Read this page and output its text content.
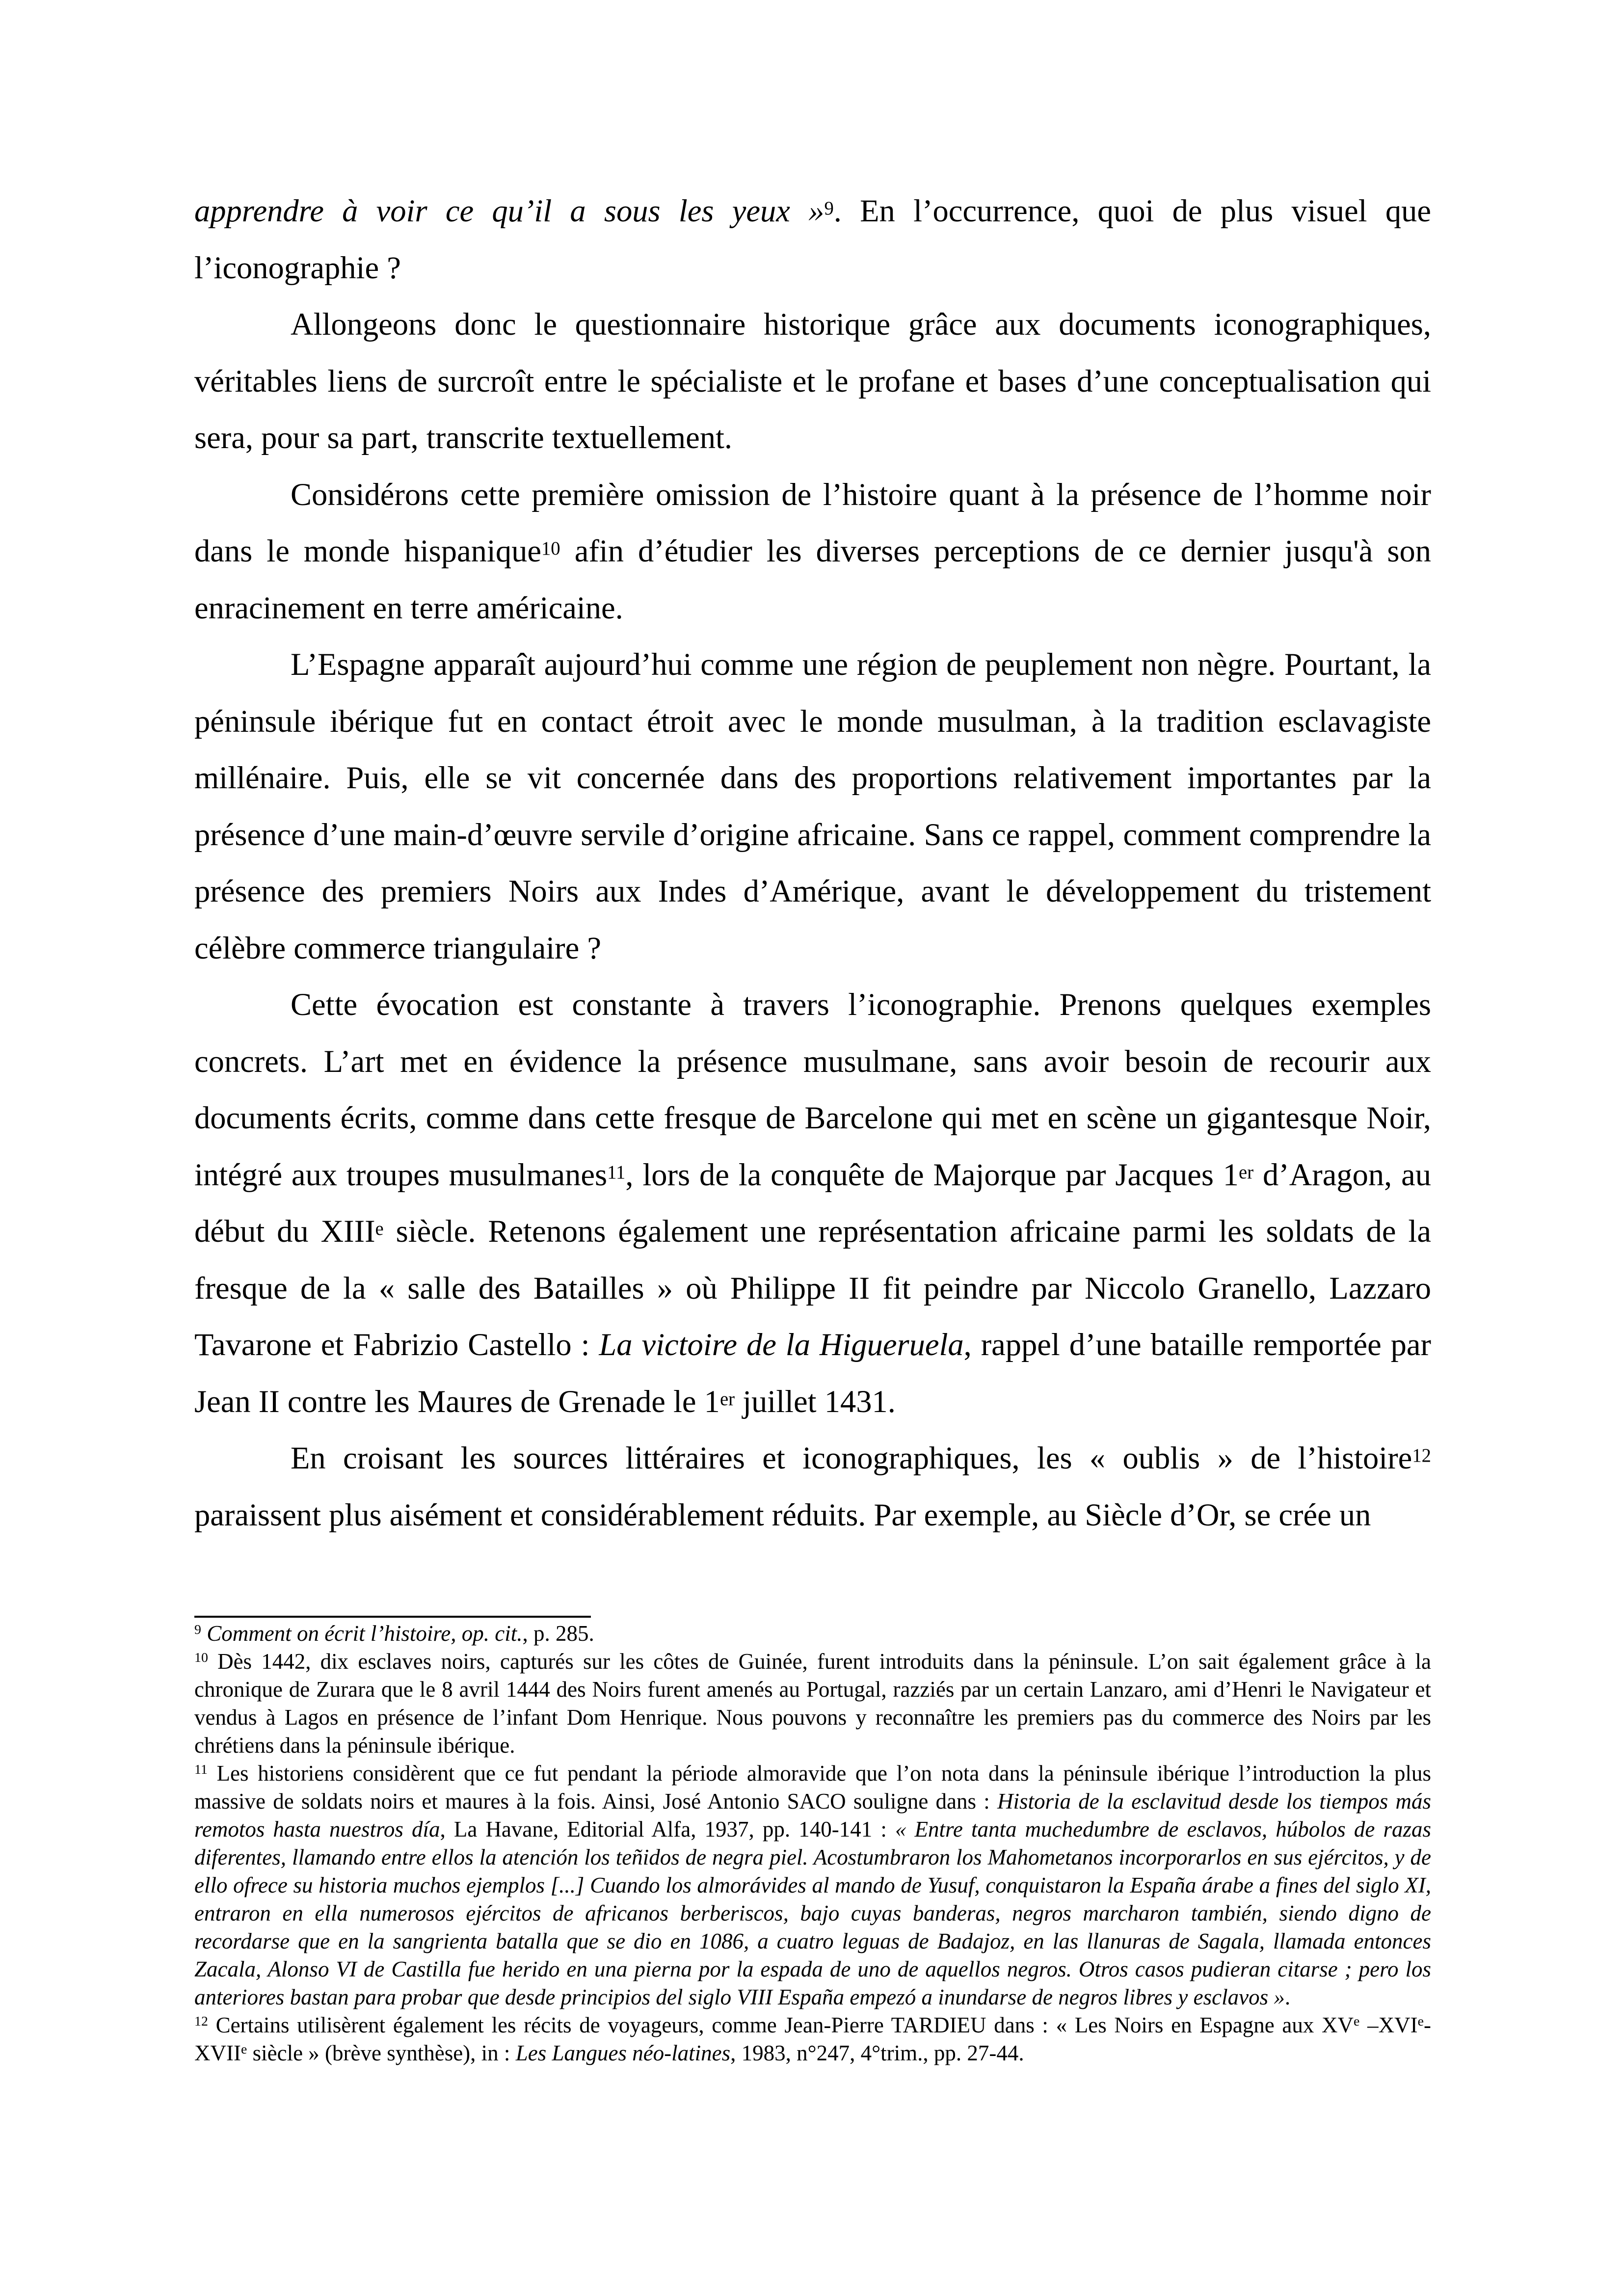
apprendre à voir ce qu’il a sous les yeux »$^9$. En l’occurrence, quoi de plus visuel que l’iconographie ?

Allongeons donc le questionnaire historique grâce aux documents iconographiques, véritables liens de surcroît entre le spécialiste et le profane et bases d’une conceptualisation qui sera, pour sa part, transcrite textuellement.

Considérons cette première omission de l’histoire quant à la présence de l’homme noir dans le monde hispanique$^{10}$ afin d’étudier les diverses perceptions de ce dernier jusqu'à son enracinement en terre américaine.

L’Espagne apparaît aujourd’hui comme une région de peuplement non nègre. Pourtant, la péninsule ibérique fut en contact étroit avec le monde musulman, à la tradition esclavagiste millénaire. Puis, elle se vit concernée dans des proportions relativement importantes par la présence d’une main-d’œuvre servile d’origine africaine. Sans ce rappel, comment comprendre la présence des premiers Noirs aux Indes d’Amérique, avant le développement du tristement célèbre commerce triangulaire ?

Cette évocation est constante à travers l’iconographie. Prenons quelques exemples concrets. L’art met en évidence la présence musulmane, sans avoir besoin de recourir aux documents écrits, comme dans cette fresque de Barcelone qui met en scène un gigantesque Noir, intégré aux troupes musulmanes$^{11}$, lors de la conquête de Majorque par Jacques 1er d’Aragon, au début du XIIIe siècle. Retenons également une représentation africaine parmi les soldats de la fresque de la « salle des Batailles » où Philippe II fit peindre par Niccolo Granello, Lazzaro Tavarone et Fabrizio Castello : La victoire de la Higueruela, rappel d’une bataille remportée par Jean II contre les Maures de Grenade le 1er juillet 1431.

En croisant les sources littéraires et iconographiques, les « oublis » de l’histoire$^{12}$ paraissent plus aisément et considérablement réduits. Par exemple, au Siècle d’Or, se crée un

$^9$ Comment on écrit l’histoire, op. cit., p. 285.

$^{10}$ Dès 1442, dix esclaves noirs, capturés sur les côtes de Guinée, furent introduits dans la péninsule. L’on sait également grâce à la chronique de Zurara que le 8 avril 1444 des Noirs furent amenés au Portugal, razziés par un certain Lanzaro, ami d’Henri le Navigateur et vendus à Lagos en présence de l’infant Dom Henrique. Nous pouvons y reconnaître les premiers pas du commerce des Noirs par les chrétiens dans la péninsule ibérique.

$^{11}$ Les historiens considèrent que ce fut pendant la période almoravide que l’on nota dans la péninsule ibérique l’introduction la plus massive de soldats noirs et maures à la fois. Ainsi, José Antonio SACO souligne dans : Historia de la esclavitud desde los tiempos más remotos hasta nuestros día, La Havane, Editorial Alfa, 1937, pp. 140-141 : « Entre tanta muchedumbre de esclavos, húbolos de razas diferentes, llamando entre ellos la atención los teñidos de negra piel. Acostumbraron los Mahometanos incorporarlos en sus ejércitos, y de ello ofrece su historia muchos ejemplos [...] Cuando los almorávides al mando de Yusuf, conquistaron la España árabe a fines del siglo XI, entraron en ella numerosos ejércitos de africanos berberiscos, bajo cuyas banderas, negros marcharon también, siendo digno de recordarse que en la sangrienta batalla que se dio en 1086, a cuatro leguas de Badajoz, en las llanuras de Sagala, llamada entonces Zacala, Alonso VI de Castilla fue herido en una pierna por la espada de uno de aquellos negros. Otros casos pudieran citarse ; pero los anteriores bastan para probar que desde principios del siglo VIII España empezó a inundarse de negros libres y esclavos ».

$^{12}$ Certains utilisèrent également les récits de voyageurs, comme Jean-Pierre TARDIEU dans : « Les Noirs en Espagne aux XVe –XVIe-XVIIe siècle » (brève synthèse), in : Les Langues néo-latines, 1983, n°247, 4°trim., pp. 27-44.
